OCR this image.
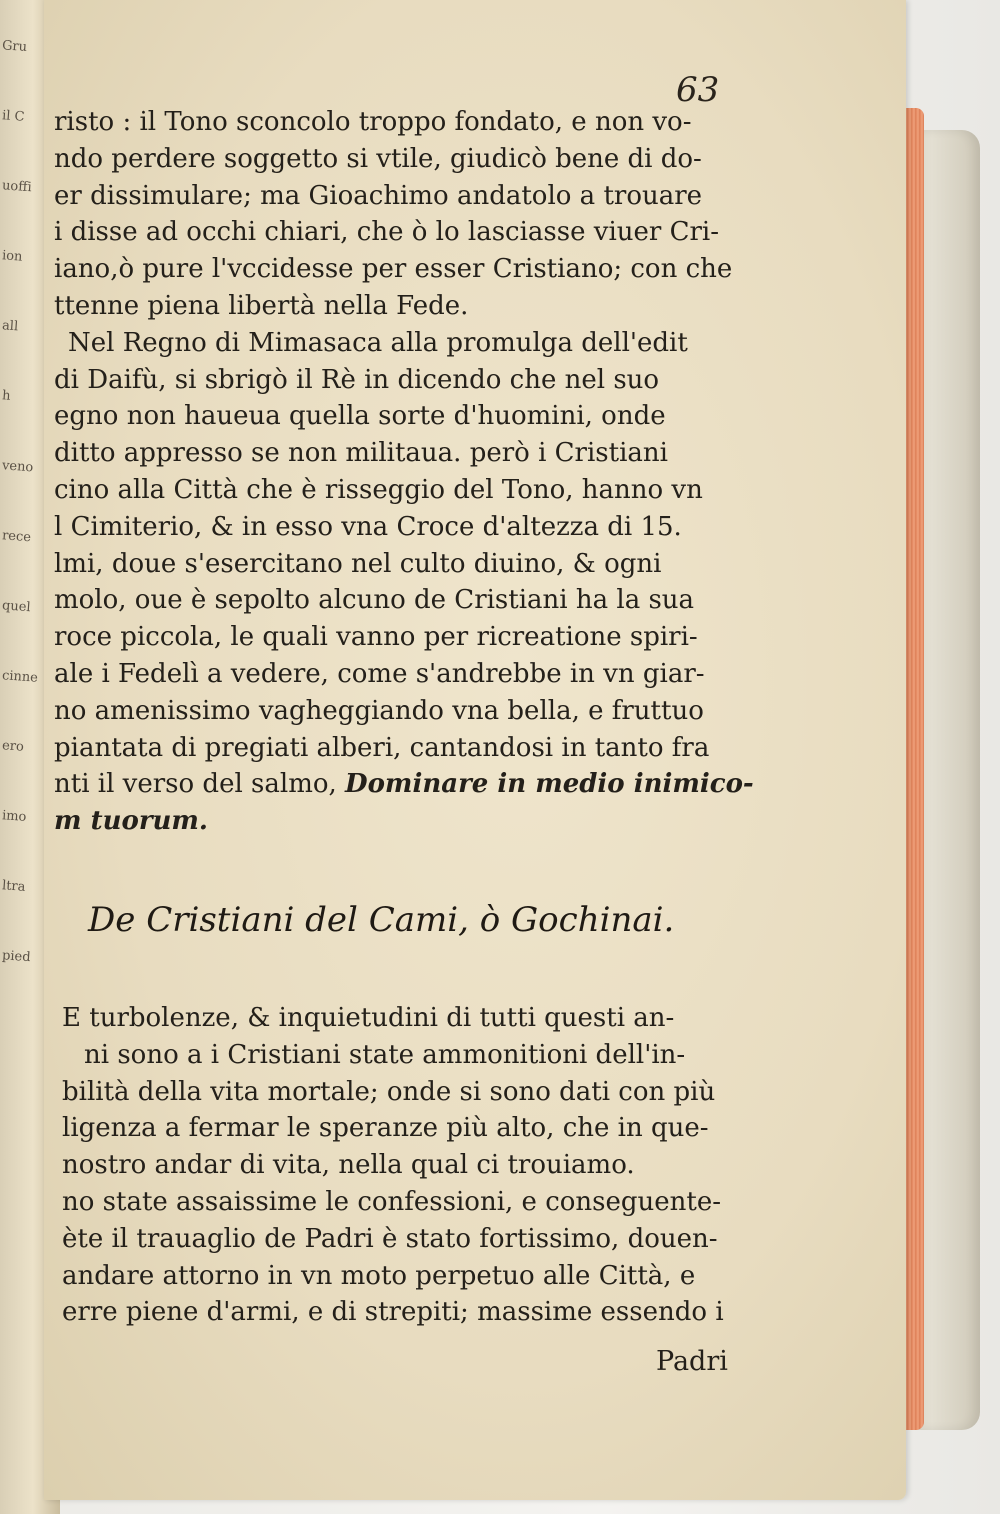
Gru
il C
uoffi
ion
all
h
veno
rece
quel
cinne
ero
imo
ltra
pied
63
risto : il Tono sconcolo troppo fondato, e non vo-
ndo perdere soggetto si vtile, giudicò bene di do-
er dissimulare; ma Gioachimo andatolo a trouare
i disse ad occhi chiari, che ò lo lasciasse viuer Cri-
iano,ò pure l'vccidesse per esser Cristiano; con che
ttenne piena libertà nella Fede.
Nel Regno di Mimasaca alla promulga dell'edit
di Daifù, si sbrigò il Rè in dicendo che nel suo
egno non haueua quella sorte d'huomini, onde
ditto appresso se non militaua. però i Cristiani
cino alla Città che è risseggio del Tono, hanno vn
l Cimiterio, & in esso vna Croce d'altezza di 15.
lmi, doue s'esercitano nel culto diuino, & ogni
molo, oue è sepolto alcuno de Cristiani ha la sua
roce piccola, le quali vanno per ricreatione spiri-
ale i Fedelì a vedere, come s'andrebbe in vn giar-
no amenissimo vagheggiando vna bella, e fruttuo
piantata di pregiati alberi, cantandosi in tanto fra
nti il verso del salmo, Dominare in medio inimico-
m tuorum.
De Cristiani del Cami, ò Gochinai.
E turbolenze, & inquietudini di tutti questi an-
ni sono a i Cristiani state ammonitioni dell'in-
bilità della vita mortale; onde si sono dati con più
ligenza a fermar le speranze più alto, che in que-
nostro andar di vita, nella qual ci trouiamo.
no state assaissime le confessioni, e conseguente-
ète il trauaglio de Padri è stato fortissimo, douen-
andare attorno in vn moto perpetuo alle Città, e
erre piene d'armi, e di strepiti; massime essendo i
Padri
